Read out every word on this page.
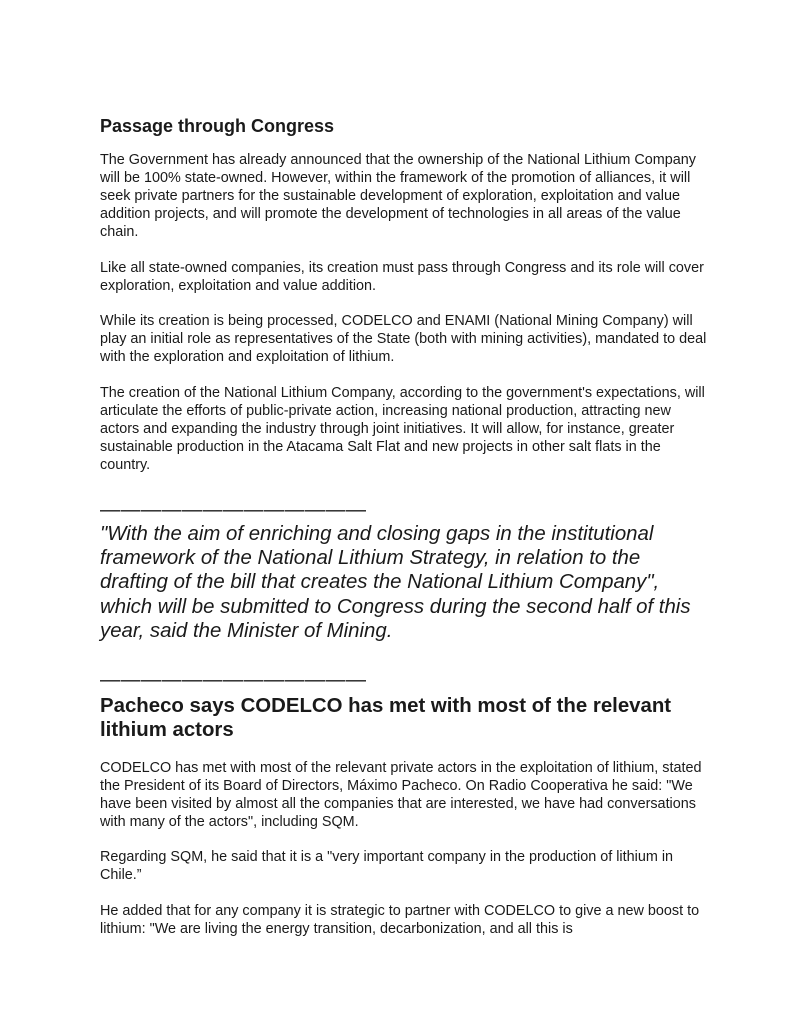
Passage through Congress

The Government has already announced that the ownership of the National Lithium Company will be 100% state-owned. However, within the framework of the promotion of alliances, it will seek private partners for the sustainable development of exploration, exploitation and value addition projects, and will promote the development of technologies in all areas of the value chain.

Like all state-owned companies, its creation must pass through Congress and its role will cover exploration, exploitation and value addition.

While its creation is being processed, CODELCO and ENAMI (National Mining Company) will play an initial role as representatives of the State (both with mining activities), mandated to deal with the exploration and exploitation of lithium.

The creation of the National Lithium Company, according to the government's expectations, will articulate the efforts of public-private action, increasing national production, attracting new actors and expanding the industry through joint initiatives. It will allow, for instance, greater sustainable production in the Atacama Salt Flat and new projects in other salt flats in the country.

—————————————

"With the aim of enriching and closing gaps in the institutional framework of the National Lithium Strategy, in relation to the drafting of the bill that creates the National Lithium Company", which will be submitted to Congress during the second half of this year, said the Minister of Mining.

—————————————
Pacheco says CODELCO has met with most of the relevant lithium actors

CODELCO has met with most of the relevant private actors in the exploitation of lithium, stated the President of its Board of Directors, Máximo Pacheco. On Radio Cooperativa he said: "We have been visited by almost all the companies that are interested, we have had conversations with many of the actors", including SQM.

Regarding SQM, he said that it is a "very important company in the production of lithium in Chile.”

He added that for any company it is strategic to partner with CODELCO to give a new boost to lithium: "We are living the energy transition, decarbonization, and all this is
